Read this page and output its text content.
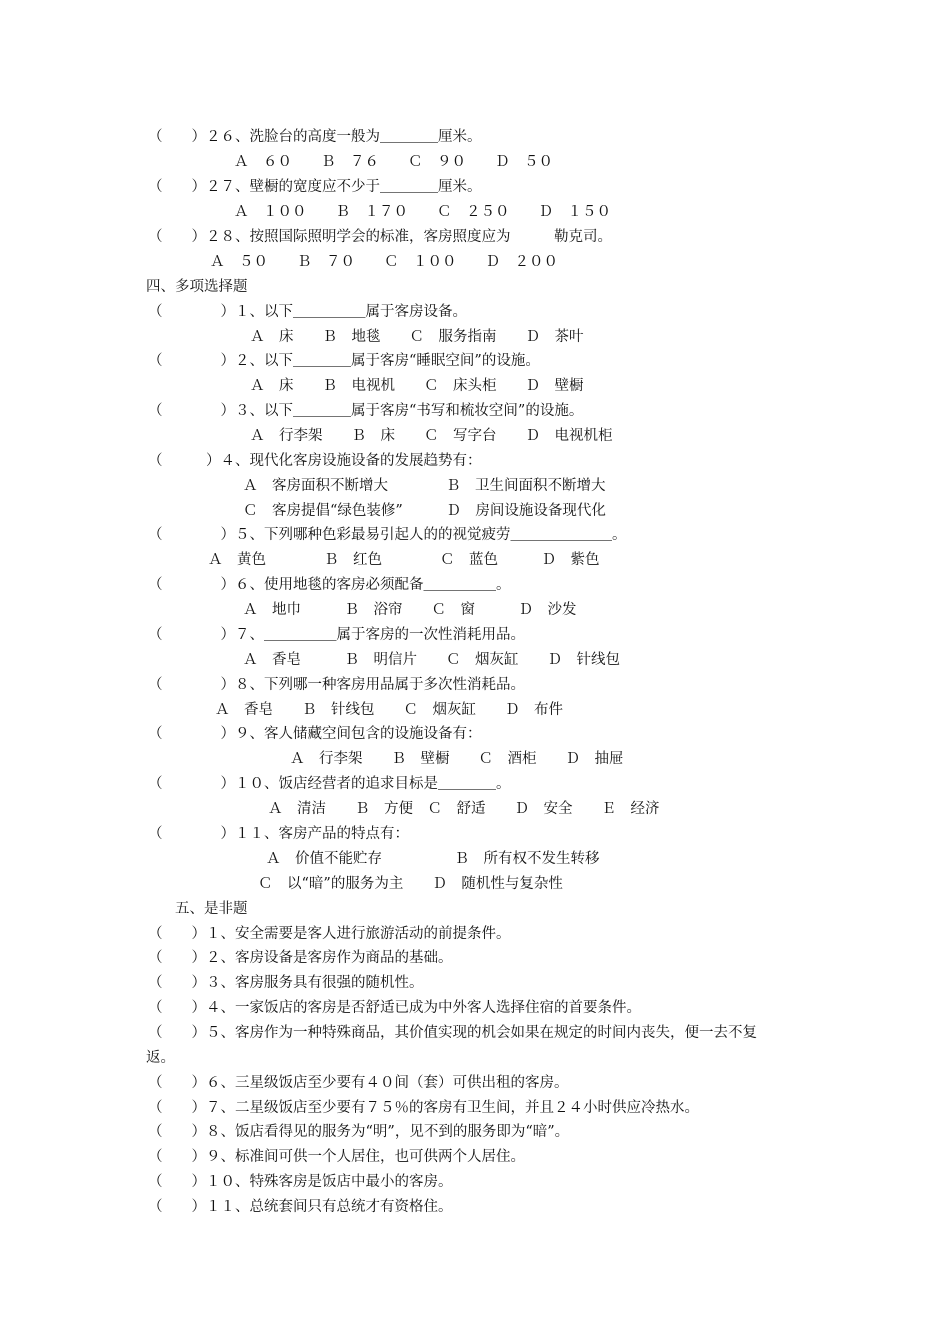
（　　）２６、洗脸台的高度一般为＿＿＿＿厘米。
Ａ　６０　　Ｂ　７６　　Ｃ　９０　　Ｄ　５０
（　　）２７、壁橱的宽度应不少于＿＿＿＿厘米。
Ａ　１００　　Ｂ　１７０　　Ｃ　２５０　　Ｄ　１５０
（　　）２８、按照国际照明学会的标准，客房照度应为　　　勒克司。
Ａ　５０　　Ｂ　７０　　Ｃ　１００　　Ｄ　２００
四、多项选择题
（　　　　）１、以下＿＿＿＿＿属于客房设备。
Ａ　床　　Ｂ　地毯　　Ｃ　服务指南　　Ｄ　茶叶
（　　　　）２、以下＿＿＿＿属于客房“睡眠空间”的设施。
Ａ　床　　Ｂ　电视机　　Ｃ　床头柜　　Ｄ　壁橱
（　　　　）３、以下＿＿＿＿属于客房“书写和梳妆空间”的设施。
Ａ　行李架　　Ｂ　床　　Ｃ　写字台　　Ｄ　电视机柜
（　　　）４、现代化客房设施设备的发展趋势有：
Ａ　客房面积不断增大　　　　Ｂ　卫生间面积不断增大
Ｃ　客房提倡“绿色装修”　　　Ｄ　房间设施设备现代化
（　　　　）５、下列哪种色彩最易引起人的的视觉疲劳＿＿＿＿＿＿＿。
Ａ　黄色　　　　Ｂ　红色　　　　Ｃ　蓝色　　　Ｄ　紫色
（　　　　）６、使用地毯的客房必须配备＿＿＿＿＿。
Ａ　地巾　　　Ｂ　浴帘　　Ｃ　窗　　　Ｄ　沙发
（　　　　）７、＿＿＿＿＿属于客房的一次性消耗用品。
Ａ　香皂　　　Ｂ　明信片　　Ｃ　烟灰缸　　Ｄ　针线包
（　　　　）８、下列哪一种客房用品属于多次性消耗品。
Ａ　香皂　　Ｂ　针线包　　Ｃ　烟灰缸　　Ｄ　布件
（　　　　）９、客人储藏空间包含的设施设备有：
Ａ　行李架　　Ｂ　壁橱　　Ｃ　酒柜　　Ｄ　抽屉
（　　　　）１０、饭店经营者的追求目标是＿＿＿＿。
Ａ　清洁　　Ｂ　方便　Ｃ　舒适　　Ｄ　安全　　Ｅ　经济
（　　　　）１１、客房产品的特点有：
Ａ　价值不能贮存　　　　　Ｂ　所有权不发生转移
Ｃ　以“暗”的服务为主　　Ｄ　随机性与复杂性
五、是非题
（　　）１、安全需要是客人进行旅游活动的前提条件。
（　　）２、客房设备是客房作为商品的基础。
（　　）３、客房服务具有很强的随机性。
（　　）４、一家饭店的客房是否舒适已成为中外客人选择住宿的首要条件。
（　　）５、客房作为一种特殊商品，其价值实现的机会如果在规定的时间内丧失，便一去不复
返。
（　　）６、三星级饭店至少要有４０间（套）可供出租的客房。
（　　）７、二星级饭店至少要有７５％的客房有卫生间，并且２４小时供应冷热水。
（　　）８、饭店看得见的服务为“明”，见不到的服务即为“暗”。
（　　）９、标准间可供一个人居住，也可供两个人居住。
（　　）１０、特殊客房是饭店中最小的客房。
（　　）１１、总统套间只有总统才有资格住。
